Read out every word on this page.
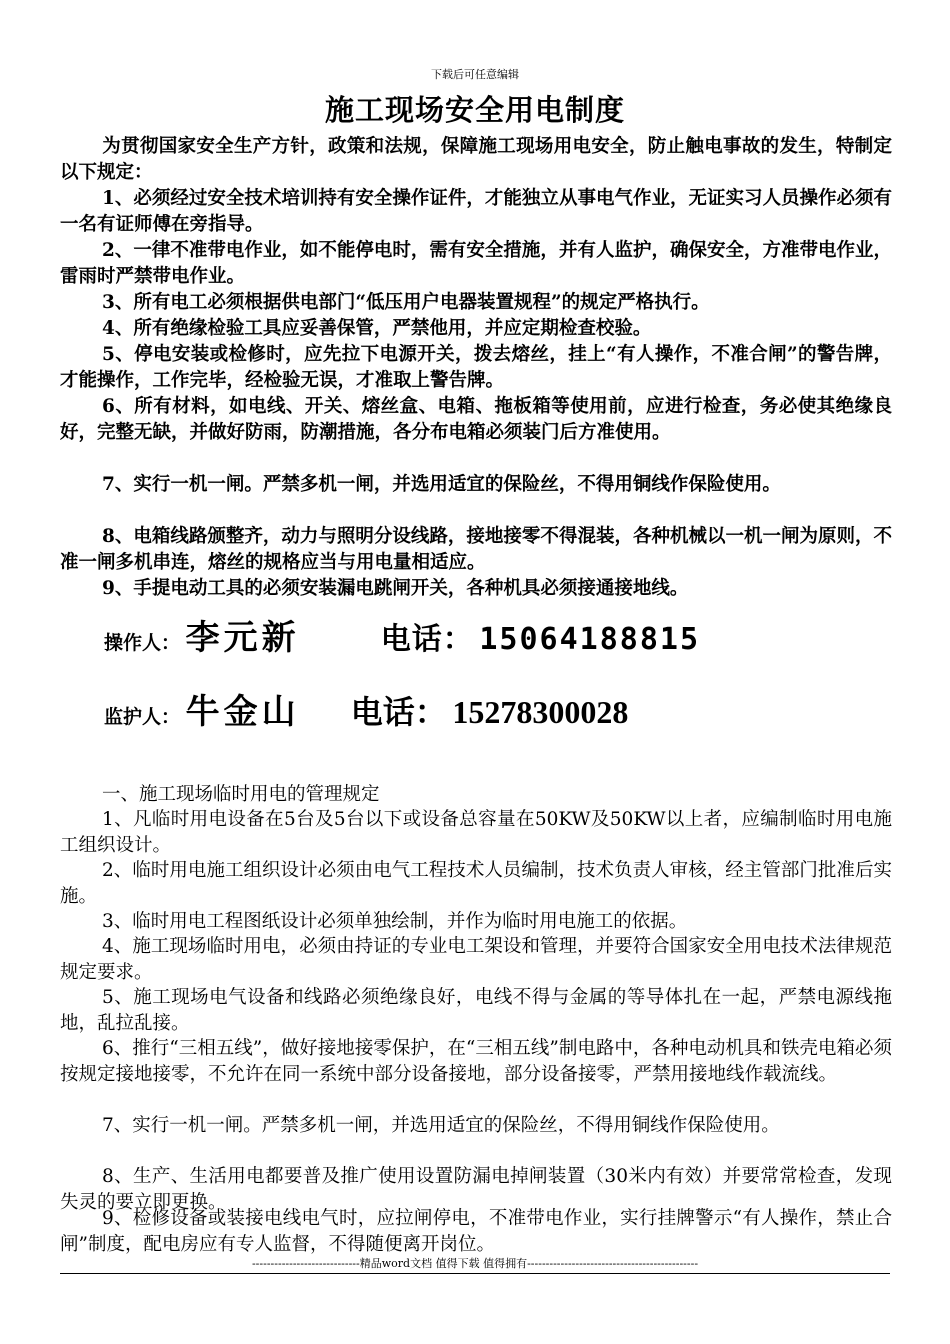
下载后可任意编辑
施工现场安全用电制度
为贯彻国家安全生产方针，政策和法规，保障施工现场用电安全，防止触电事故的发生，特制定以下规定：
1、必须经过安全技术培训持有安全操作证件，才能独立从事电气作业，无证实习人员操作必须有一名有证师傅在旁指导。
2、一律不准带电作业，如不能停电时，需有安全措施，并有人监护，确保安全，方准带电作业，雷雨时严禁带电作业。
3、所有电工必须根据供电部门“低压用户电器装置规程”的规定严格执行。
4、所有绝缘检验工具应妥善保管，严禁他用，并应定期检查校验。
5、停电安装或检修时，应先拉下电源开关，拨去熔丝，挂上“有人操作，不准合闸”的警告牌，才能操作，工作完毕，经检验无误，才准取上警告牌。
6、所有材料，如电线、开关、熔丝盒、电箱、拖板箱等使用前，应进行检查，务必使其绝缘良好，完整无缺，并做好防雨，防潮措施，各分布电箱必须装门后方准使用。
7、实行一机一闸。严禁多机一闸，并选用适宜的保险丝，不得用铜线作保险使用。
8、电箱线路颁整齐，动力与照明分设线路，接地接零不得混装，各种机械以一机一闸为原则，不准一闸多机串连，熔丝的规格应当与用电量相适应。
9、手提电动工具的必须安装漏电跳闸开关，各种机具必须接通接地线。
操作人： 李元新	电话： 15064188815
监护人： 牛金山 电话： 15278300028
一、施工现场临时用电的管理规定
1、凡临时用电设备在5台及5台以下或设备总容量在50KW及50KW以上者，应编制临时用电施工组织设计。
2、临时用电施工组织设计必须由电气工程技术人员编制，技术负责人审核，经主管部门批准后实施。
3、临时用电工程图纸设计必须单独绘制，并作为临时用电施工的依据。
4、施工现场临时用电，必须由持证的专业电工架设和管理，并要符合国家安全用电技术法律规范规定要求。
5、施工现场电气设备和线路必须绝缘良好，电线不得与金属的等导体扎在一起，严禁电源线拖地，乱拉乱接。
6、推行“三相五线”，做好接地接零保护，在“三相五线”制电路中，各种电动机具和铁壳电箱必须按规定接地接零，不允许在同一系统中部分设备接地，部分设备接零，严禁用接地线作载流线。
7、实行一机一闸。严禁多机一闸，并选用适宜的保险丝，不得用铜线作保险使用。
8、生产、生活用电都要普及推广使用设置防漏电掉闸装置（30米内有效）并要常常检查，发现失灵的要立即更换。
9、检修设备或装接电线电气时，应拉闸停电，不准带电作业，实行挂牌警示“有人操作，禁止合闸”制度，配电房应有专人监督，不得随便离开岗位。
-----------------------------精品word文档 值得下载 值得拥有----------------------------------------------
